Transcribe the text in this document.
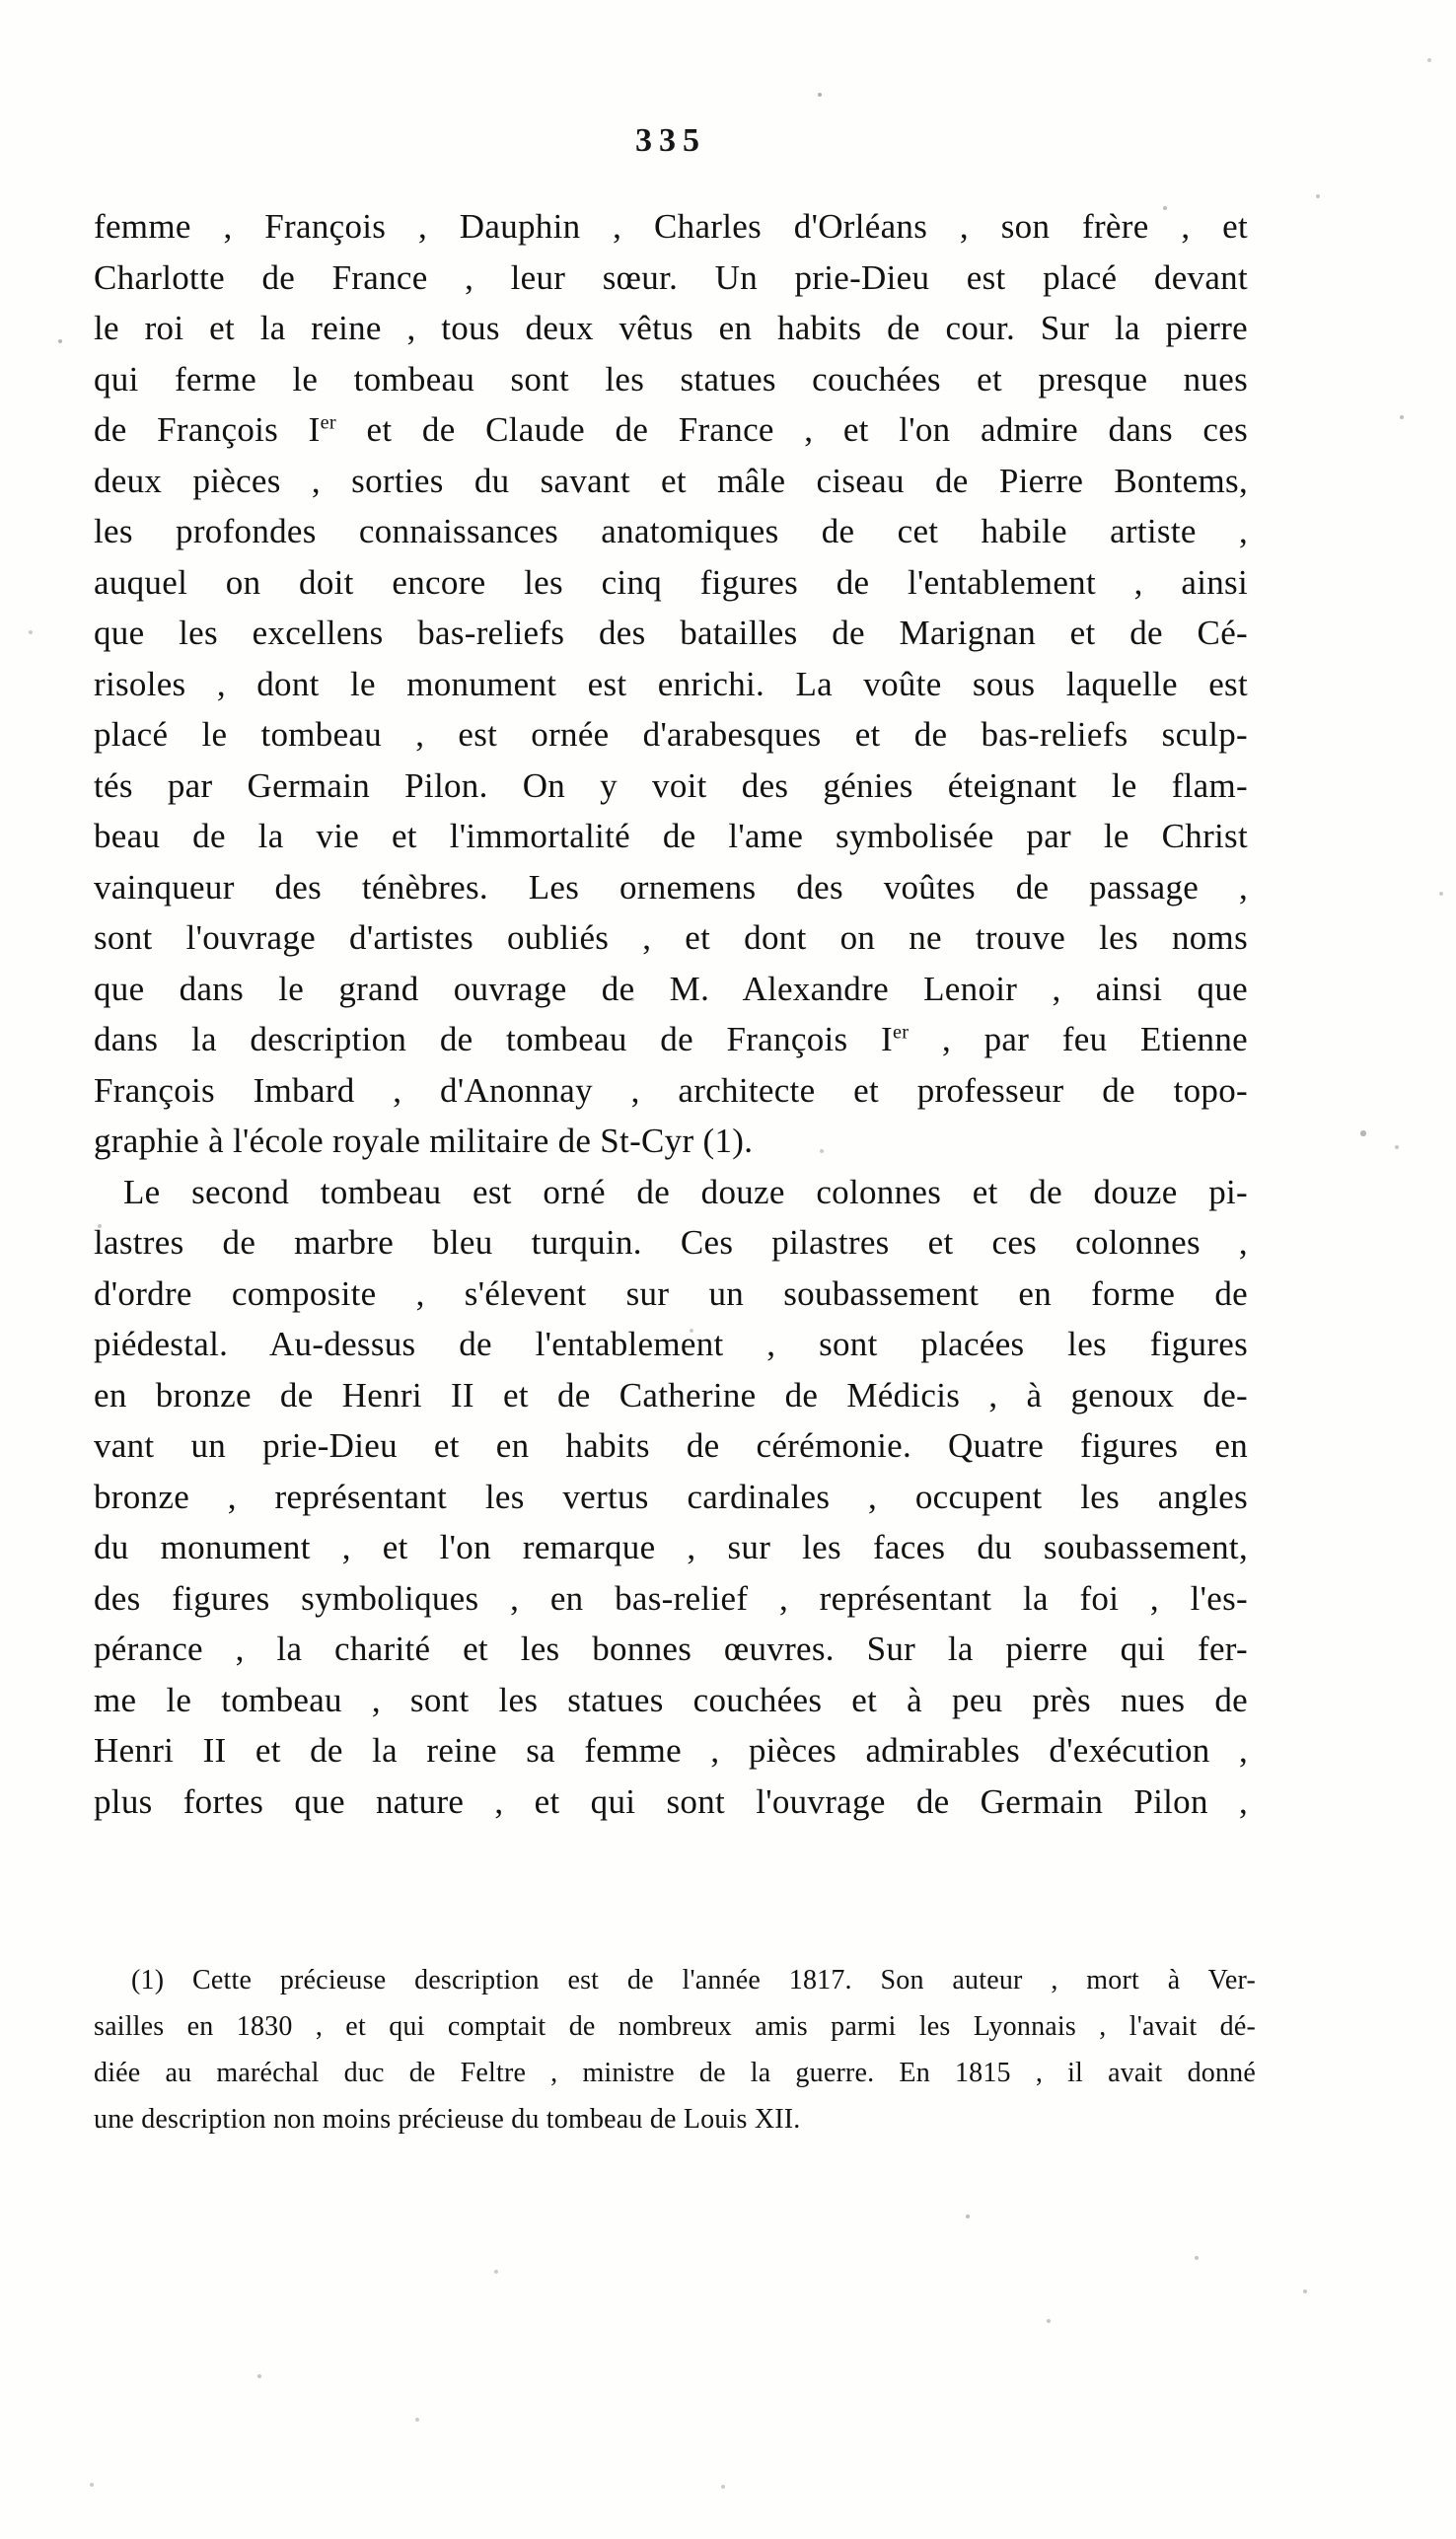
335
femme , François , Dauphin , Charles d'Orléans , son frère , et
Charlotte de France , leur sœur. Un prie-Dieu est placé devant
le roi et la reine , tous deux vêtus en habits de cour. Sur la pierre
qui ferme le tombeau sont les statues couchées et presque nues
de François Ier et de Claude de France , et l'on admire dans ces
deux pièces , sorties du savant et mâle ciseau de Pierre Bontems,
les profondes connaissances anatomiques de cet habile artiste ,
auquel on doit encore les cinq figures de l'entablement , ainsi
que les excellens bas-reliefs des batailles de Marignan et de Cé-
risoles , dont le monument est enrichi. La voûte sous laquelle est
placé le tombeau , est ornée d'arabesques et de bas-reliefs sculp-
tés par Germain Pilon. On y voit des génies éteignant le flam-
beau de la vie et l'immortalité de l'ame symbolisée par le Christ
vainqueur des ténèbres. Les ornemens des voûtes de passage ,
sont l'ouvrage d'artistes oubliés , et dont on ne trouve les noms
que dans le grand ouvrage de M. Alexandre Lenoir , ainsi que
dans la description de tombeau de François Ier , par feu Etienne
François Imbard , d'Anonnay , architecte et professeur de topo-
graphie à l'école royale militaire de St-Cyr (1).
Le second tombeau est orné de douze colonnes et de douze pi-
lastres de marbre bleu turquin. Ces pilastres et ces colonnes ,
d'ordre composite , s'élevent sur un soubassement en forme de
piédestal. Au-dessus de l'entablement , sont placées les figures
en bronze de Henri II et de Catherine de Médicis , à genoux de-
vant un prie-Dieu et en habits de cérémonie. Quatre figures en
bronze , représentant les vertus cardinales , occupent les angles
du monument , et l'on remarque , sur les faces du soubassement,
des figures symboliques , en bas-relief , représentant la foi , l'es-
pérance , la charité et les bonnes œuvres. Sur la pierre qui fer-
me le tombeau , sont les statues couchées et à peu près nues de
Henri II et de la reine sa femme , pièces admirables d'exécution ,
plus fortes que nature , et qui sont l'ouvrage de Germain Pilon ,
(1) Cette précieuse description est de l'année 1817. Son auteur , mort à Ver-
sailles en 1830 , et qui comptait de nombreux amis parmi les Lyonnais , l'avait dé-
diée au maréchal duc de Feltre , ministre de la guerre. En 1815 , il avait donné
une description non moins précieuse du tombeau de Louis XII.
